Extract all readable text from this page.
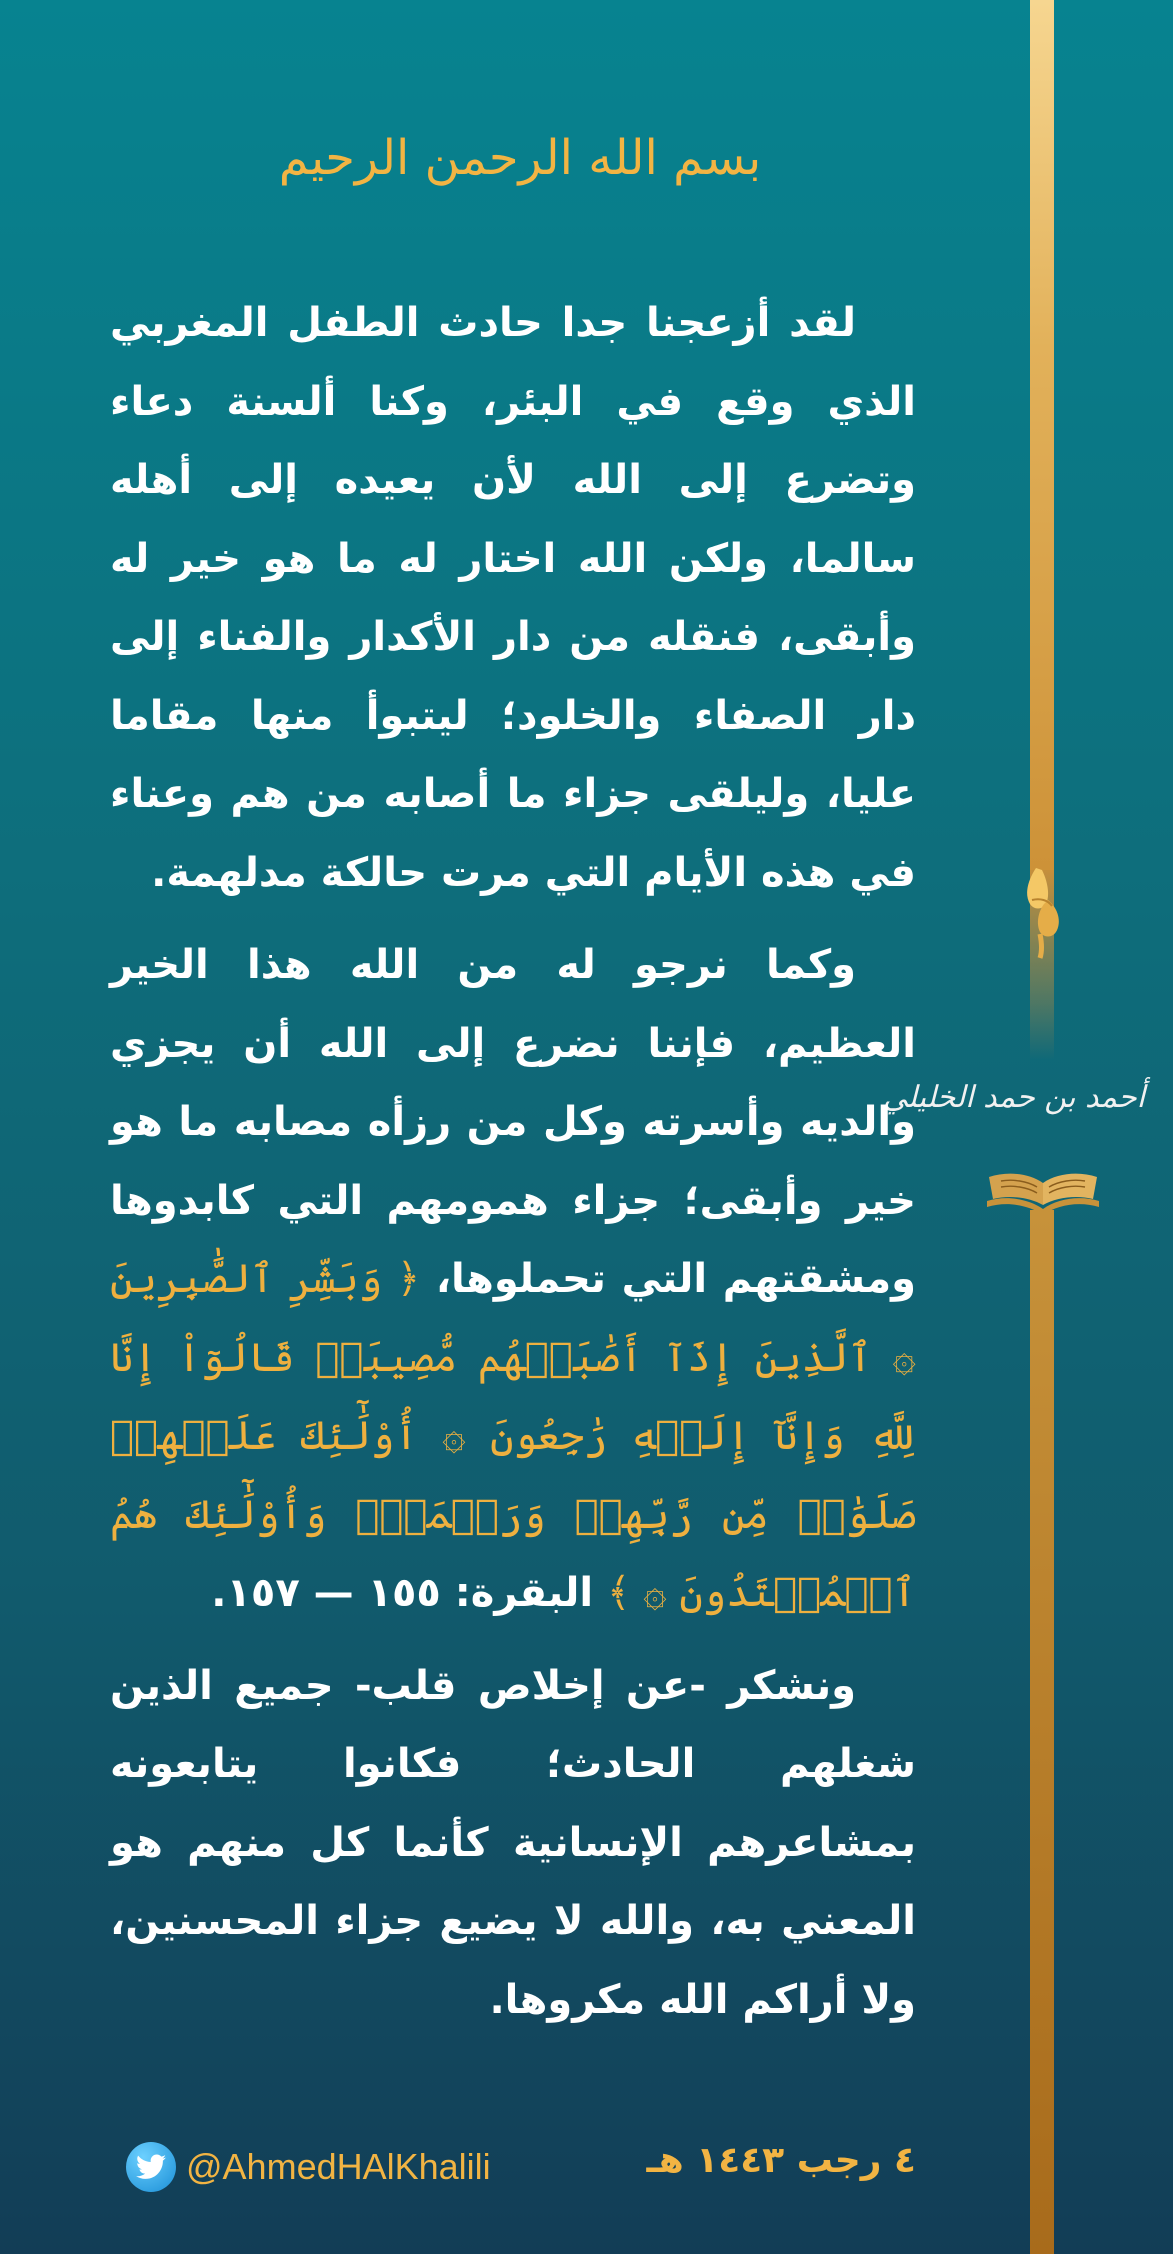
أحمد بن حمد الخليلي
بسم الله الرحمن الرحيم

لقد أزعجنا جدا حادث الطفل المغربي الذي وقع في البئر، وكنا ألسنة دعاء وتضرع إلى الله لأن يعيده إلى أهله سالما، ولكن الله اختار له ما هو خير له وأبقى، فنقله من دار الأكدار والفناء إلى دار الصفاء والخلود؛ ليتبوأ منها مقاما عليا، وليلقى جزاء ما أصابه من هم وعناء في هذه الأيام التي مرت حالكة مدلهمة.

وكما نرجو له من الله هذا الخير العظيم، فإننا نضرع إلى الله أن يجزي والديه وأسرته وكل من رزأه مصابه ما هو خير وأبقى؛ جزاء همومهم التي كابدوها ومشقتهم التي تحملوها، ﴿ وَبَشِّرِ ٱلصَّٰبِرِينَ ۞ ٱلَّذِينَ إِذَآ أَصَٰبَتۡهُم مُّصِيبَةٞ قَالُوٓاْ إِنَّا لِلَّهِ وَإِنَّآ إِلَيۡهِ رَٰجِعُونَ ۞ أُوْلَٰٓئِكَ عَلَيۡهِمۡ صَلَوَٰتٞ مِّن رَّبِّهِمۡ وَرَحۡمَةٞۖ وَأُوْلَٰٓئِكَ هُمُ ٱلۡمُهۡتَدُونَ ۞ ﴾ البقرة: ١٥٥ — ١٥٧.

ونشكر -عن إخلاص قلب- جميع الذين شغلهم الحادث؛ فكانوا يتابعونه بمشاعرهم الإنسانية كأنما كل منهم هو المعني به، والله لا يضيع جزاء المحسنين، ولا أراكم الله مكروها.

٤ رجب ١٤٤٣ هـ
@AhmedHAlKhalili
